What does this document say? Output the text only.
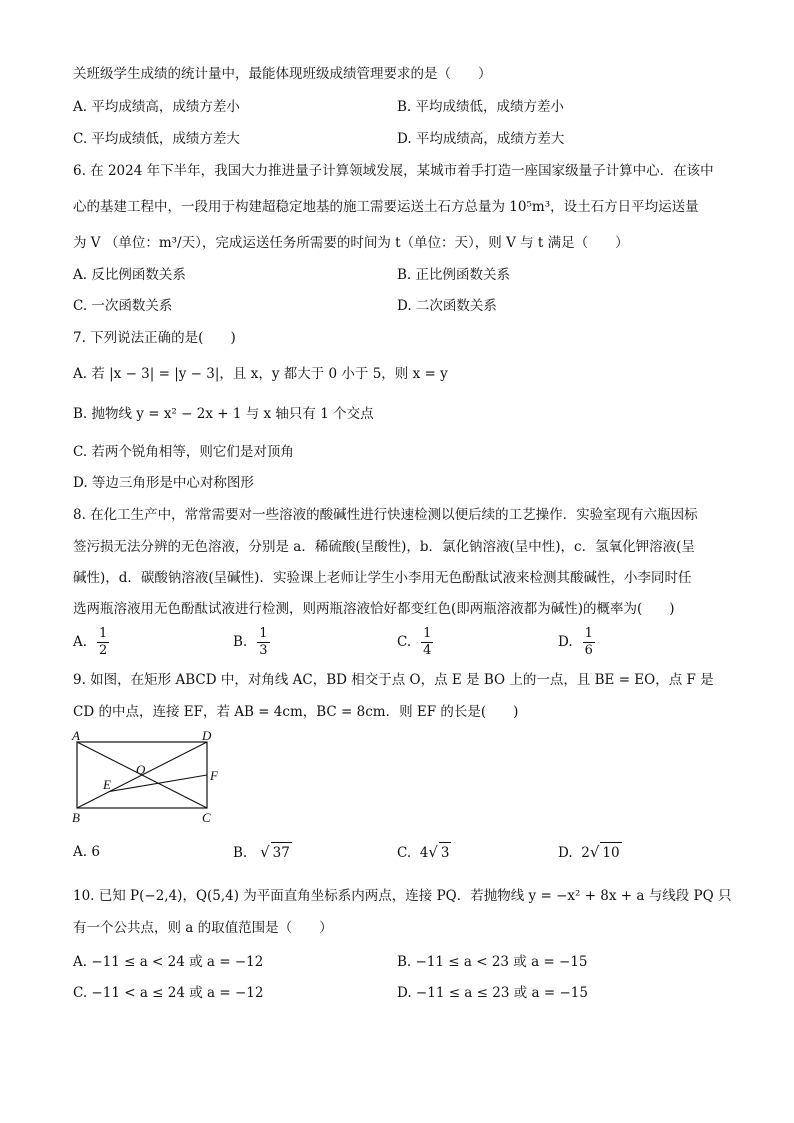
关班级学生成绩的统计量中，最能体现班级成绩管理要求的是（　　）
A. 平均成绩高，成绩方差小	B. 平均成绩低，成绩方差小
C. 平均成绩低，成绩方差大	D. 平均成绩高，成绩方差大
6. 在 2024 年下半年，我国大力推进量子计算领域发展，某城市着手打造一座国家级量子计算中心．在该中
心的基建工程中，一段用于构建超稳定地基的施工需要运送土石方总量为 10⁵m³，设土石方日平均运送量
为 V （单位：m³/天），完成运送任务所需要的时间为 t（单位：天），则 V 与 t 满足（　　）
A. 反比例函数关系	B. 正比例函数关系
C. 一次函数关系	D. 二次函数关系
7. 下列说法正确的是(　　)
A. 若 |x − 3| = |y − 3|，且 x，y 都大于 0 小于 5，则 x = y
B. 抛物线 y = x² − 2x + 1 与 x 轴只有 1 个交点
C. 若两个锐角相等，则它们是对顶角
D. 等边三角形是中心对称图形
8. 在化工生产中，常常需要对一些溶液的酸碱性进行快速检测以便后续的工艺操作．实验室现有六瓶因标
签污损无法分辨的无色溶液，分别是 a．稀硫酸(呈酸性)，b．氯化钠溶液(呈中性)，c．氢氧化钾溶液(呈
碱性)，d．碳酸钠溶液(呈碱性)．实验课上老师让学生小李用无色酚酞试液来检测其酸碱性，小李同时任
选两瓶溶液用无色酚酞试液进行检测，则两瓶溶液恰好都变红色(即两瓶溶液都为碱性)的概率为(　　)
A. $\frac{1}{2}$	B. $\frac{1}{3}$	C. $\frac{1}{4}$	D. $\frac{1}{6}$
9. 如图，在矩形 ABCD 中，对角线 AC，BD 相交于点 O，点 E 是 BO 上的一点，且 BE = EO，点 F 是
CD 的中点，连接 EF，若 AB = 4cm，BC = 8cm．则 EF 的长是(　　)
A	D
B	C
O
E
F
A. 6	B. √ 37	C. 4√ 3	D. 2√ 10
10. 已知 P(−2,4)，Q(5,4) 为平面直角坐标系内两点，连接 PQ．若抛物线 y = −x² + 8x + a 与线段 PQ 只
有一个公共点，则 a 的取值范围是（　　）
A. −11 ≤ a < 24 或 a = −12	B. −11 ≤ a < 23 或 a = −15
C. −11 < a ≤ 24 或 a = −12	D. −11 ≤ a ≤ 23 或 a = −15
